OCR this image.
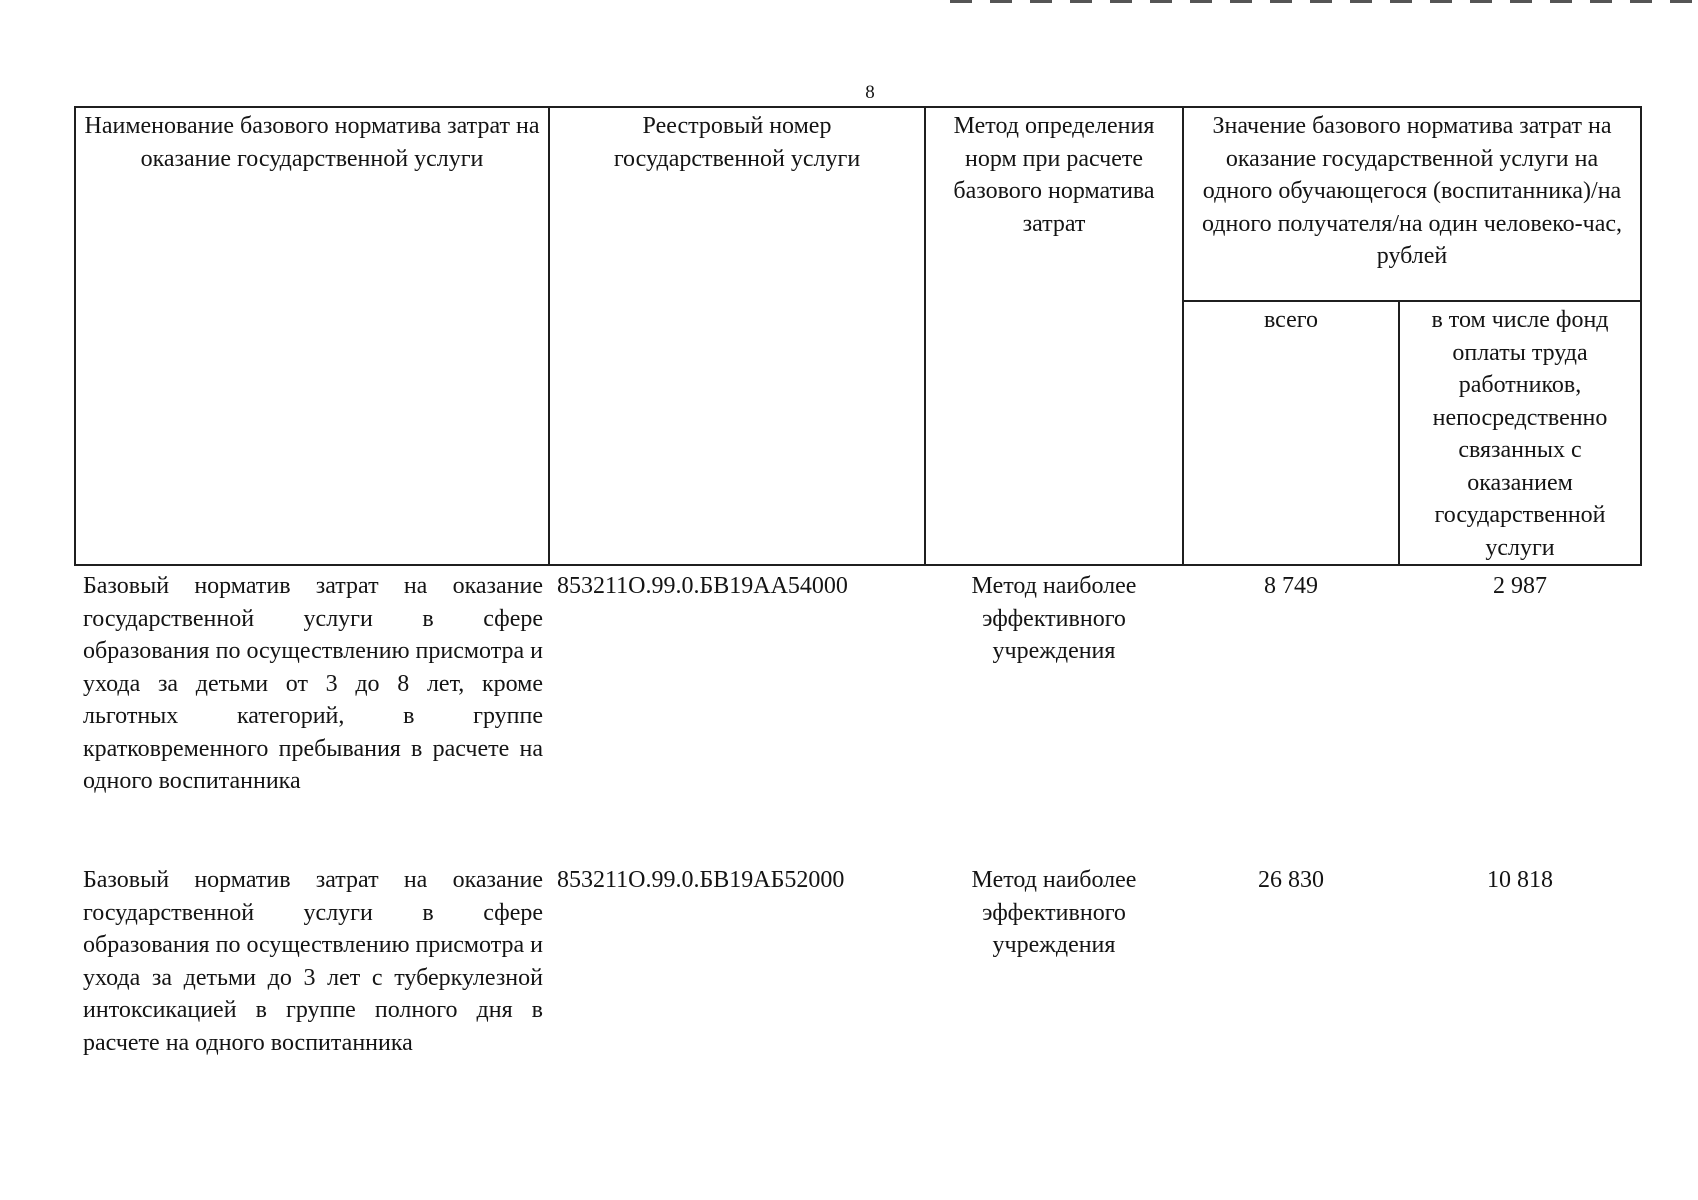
8
Наименование базового норматива затрат на оказание государственной услуги	Реестровый номер государственной услуги	Метод определения норм при расчете базового норматива затрат	Значение базового норматива затрат на оказание государственной услуги на одного обучающегося (воспитанника)/на одного получателя/на один человеко-час, рублей	
			всего	в том числе фонд оплаты труда работников, непосредственно связанных с оказанием государственной услуги
Базовый норматив затрат на оказание государственной услуги в сфере образования по осуществлению присмотра и ухода за детьми от 3 до 8 лет, кроме льготных категорий, в группе кратковременного пребывания в расчете на одного воспитанника	853211О.99.0.БВ19АА54000	Метод наиболее эффективного учреждения	8 749	2 987
Базовый норматив затрат на оказание государственной услуги в сфере образования по осуществлению присмотра и ухода за детьми до 3 лет с туберкулезной интоксикацией в группе полного дня в расчете на одного воспитанника	853211О.99.0.БВ19АБ52000	Метод наиболее эффективного учреждения	26 830	10 818
